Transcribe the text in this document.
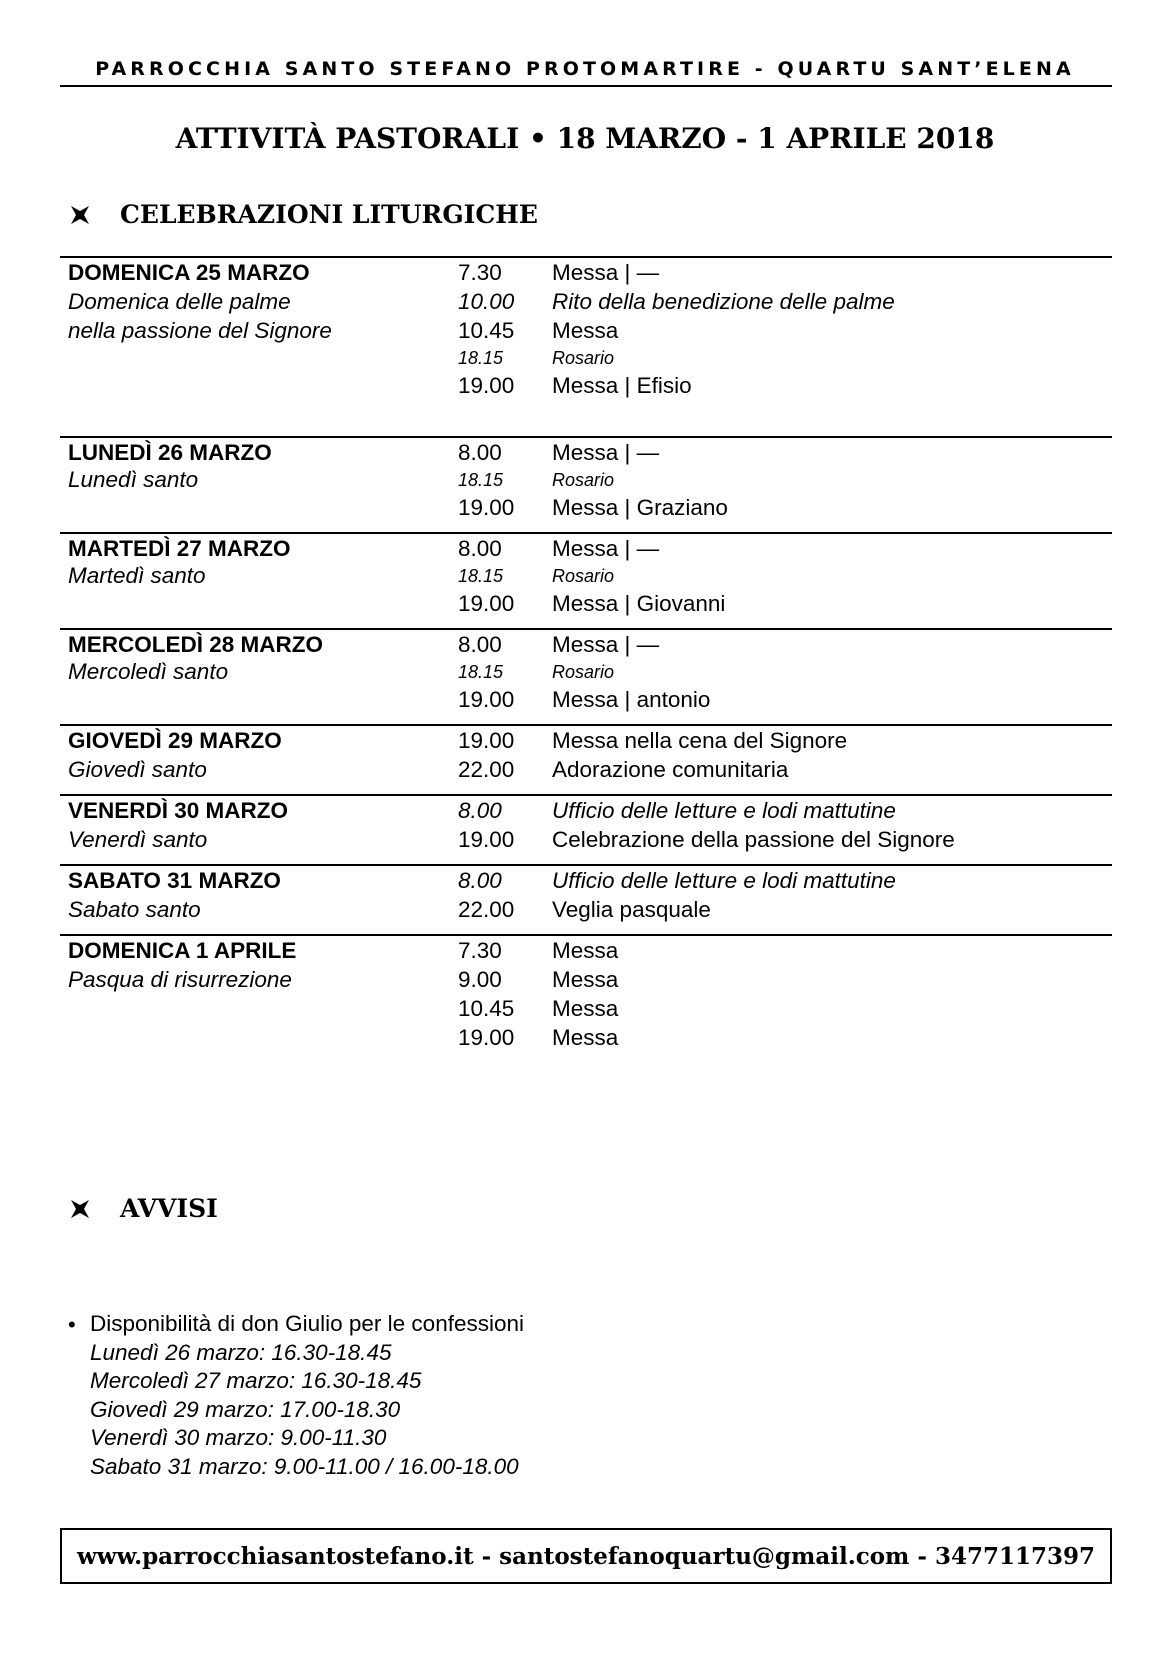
PARROCCHIA SANTO STEFANO PROTOMARTIRE - QUARTU SANT’ELENA
ATTIVITÀ PASTORALI • 18 MARZO - 1 APRILE 2018
CELEBRAZIONI LITURGICHE
DOMENICA 25 MARZO	7.30	Messa | —
Domenica delle palme	10.00	Rito della benedizione delle palme
nella passione del Signore	10.45	Messa
18.15	Rosario
19.00	Messa | Efisio
LUNEDÌ 26 MARZO	8.00	Messa | —
Lunedì santo	18.15	Rosario
19.00	Messa | Graziano
MARTEDÌ 27 MARZO	8.00	Messa | —
Martedì santo	18.15	Rosario
19.00	Messa | Giovanni
MERCOLEDÌ 28 MARZO	8.00	Messa | —
Mercoledì santo	18.15	Rosario
19.00	Messa | antonio
GIOVEDÌ 29 MARZO	19.00	Messa nella cena del Signore
Giovedì santo	22.00	Adorazione comunitaria
VENERDÌ 30 MARZO	8.00	Ufficio delle letture e lodi mattutine
Venerdì santo	19.00	Celebrazione della passione del Signore
SABATO 31 MARZO	8.00	Ufficio delle letture e lodi mattutine
Sabato santo	22.00	Veglia pasquale
DOMENICA 1 APRILE	7.30	Messa
Pasqua di risurrezione	9.00	Messa
10.45	Messa
19.00	Messa
AVVISI
• Disponibilità di don Giulio per le confessioni
Lunedì 26 marzo: 16.30-18.45
Mercoledì 27 marzo: 16.30-18.45
Giovedì 29 marzo: 17.00-18.30
Venerdì 30 marzo: 9.00-11.30
Sabato 31 marzo: 9.00-11.00 / 16.00-18.00
www.parrocchiasantostefano.it - santostefanoquartu@gmail.com - 3477117397
